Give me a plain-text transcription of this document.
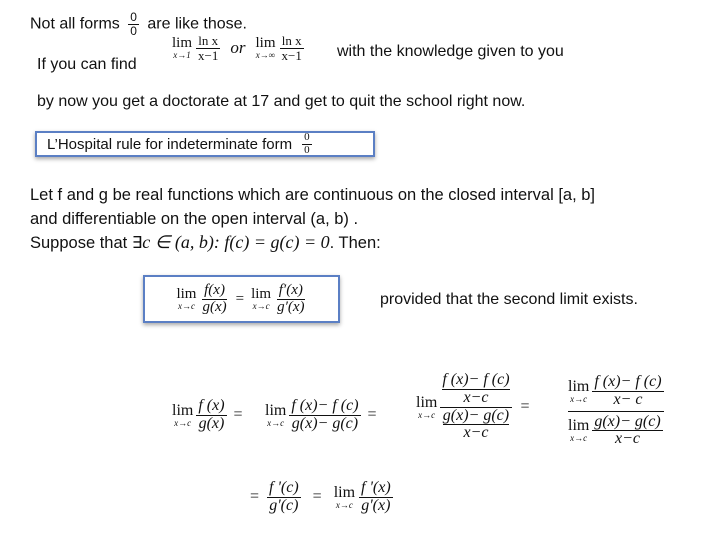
Not all forms $\frac{0}{0}$ are like those.
If you can find
lim
$x\to 1 \frac{\text{ln x}}{x-1}$ or lim
$x\to\infty \frac{\text{ln x}}{x-1}$ with the knowledge given to you
by now you get a doctorate at 17 and get to quit the school right now.
L’Hospital rule for indeterminate form $\frac{0}{0}$
Let f and g be real functions which are continuous on the closed interval [a, b]
and differentiable on the open interval (a, b) .
Suppose that ∃c ∈ (a, b): f(c) = g(c) = 0. Then:
lim
$x\to c \frac{f(x)}{g(x)} = \lim$
$x\to c \frac{f'(x)}{g'(x)}$	provided that the second limit exists.
lim
$x\to c \frac{f (x)}{g(x)} = \lim$
$x\to c \frac{f (x)- f (c)}{g(x)- g(c)}$ =
lim
x→c f (x)− f (c)
x−c
g(x)− g(c)
x−c =
lim
$x\to c \frac{f (x)- f (c)}{x- c}$
lim
$x\to c \frac{g(x)- g(c)}{x-c}$
= $\frac{f '(c)}{g'(c)} = \lim$
$x\to c \frac{f '(x)}{g'(x)}$
